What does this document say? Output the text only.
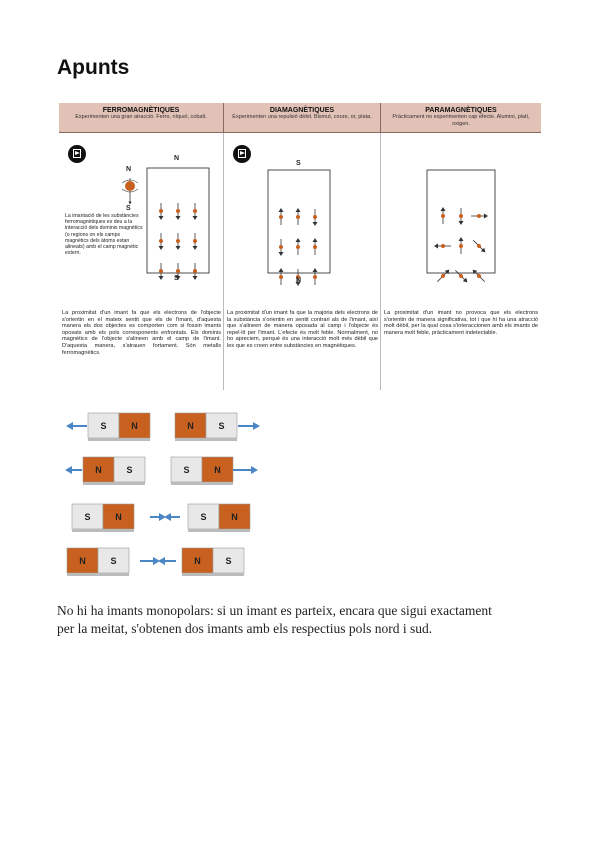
Apunts
FERROMAGNÈTIQUES
Experimenten una gran atracció. Ferro, níquel, cobalt.
DIAMAGNÈTIQUES
Experimenten una repulsió dèbil. Bismut, coure, or, plata.
PARAMAGNÈTIQUES
Pràcticament no experimenten cap efecte. Alumini, platí, oxigen.
N
S
N
S
La imantació de les substàncies ferromagnètiques es deu a la interacció dels dominis magnètics (o regions on els camps magnètics dels àtoms estan alineats) amb el camp magnètic extern.
La proximitat d'un imant fa que els electrons de l'objecte s'orientin en el mateix sentit que els de l'imant, d'aquesta manera els dos objectes es comporten com si fossin imants oposats amb els pols corresponents enfrontats. Els dominis magnètics de l'objecte s'alineen amb el camp de l'imant. D'aquesta manera, s'atrauen fortament. Són metalls ferromagnètics.
S
N
La proximitat d'un imant fa que la majoria dels electrons de la substància s'orientin en sentit contrari als de l'imant, així que s'alineen de manera oposada al camp i l'objecte és repel·lit per l'imant. L'efecte és molt feble. Normalment, no ho apreciem, perquè és una interacció molt més dèbil que les que es creen entre substàncies en magnètiques.
La proximitat d'un imant no provoca que els electrons s'orientin de manera significativa, tot i que hi ha una atracció molt dèbil, per la qual cosa s'interaccionen amb els imants de manera molt feble, pràcticament indetectable.
S	N	N	S
N	S	S	N
S	N	S	N
N	S	N	S
No hi ha imants monopolars: si un imant es parteix, encara que sigui exactament per la meitat, s'obtenen dos imants amb els respectius pols nord i sud.
